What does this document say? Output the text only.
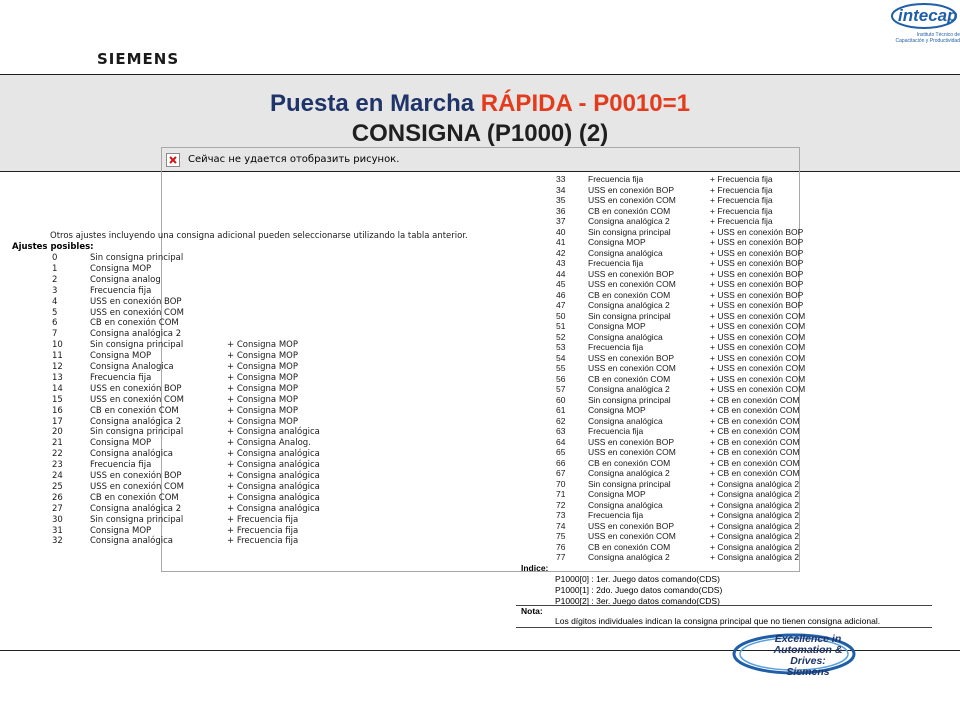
SIEMENS
intecap
Instituto Técnico de Capacitación y Productividad
Puesta en Marcha RÁPIDA - P0010=1
CONSIGNA (P1000) (2)
Сейчас не удается отобразить рисунок.
Otros ajustes incluyendo una consigna adicional pueden seleccionarse utilizando la tabla anterior.
Ajustes posibles:
0	Sin consigna principal
1	Consigna MOP
2	Consigna analog
3	Frecuencia fija
4	USS en conexión BOP
5	USS en conexión COM
6	CB en conexión COM
7	Consigna analógica 2
10	Sin consigna principal	+ Consigna MOP
11	Consigna MOP	+ Consigna MOP
12	Consigna Analogica	+ Consigna MOP
13	Frecuencia fija	+ Consigna MOP
14	USS en conexión BOP	+ Consigna MOP
15	USS en conexión COM	+ Consigna MOP
16	CB en conexión COM	+ Consigna MOP
17	Consigna analógica 2	+ Consigna MOP
20	Sin consigna principal	+ Consigna analógica
21	Consigna MOP	+ Consigna Analog.
22	Consigna analógica	+ Consigna analógica
23	Frecuencia fija	+ Consigna analógica
24	USS en conexión BOP	+ Consigna analógica
25	USS en conexión COM	+ Consigna analógica
26	CB en conexión COM	+ Consigna analógica
27	Consigna analógica 2	+ Consigna analógica
30	Sin consigna principal	+ Frecuencia fija
31	Consigna MOP	+ Frecuencia fija
32	Consigna analógica	+ Frecuencia fija
33	Frecuencia fija	+ Frecuencia fija
34	USS en conexión BOP	+ Frecuencia fija
35	USS en conexión COM	+ Frecuencia fija
36	CB en conexión COM	+ Frecuencia fija
37	Consigna analógica 2	+ Frecuencia fija
40	Sin consigna principal	+ USS en conexión BOP
41	Consigna MOP	+ USS en conexión BOP
42	Consigna analógica	+ USS en conexión BOP
43	Frecuencia fija	+ USS en conexión BOP
44	USS en conexión BOP	+ USS en conexión BOP
45	USS en conexión COM	+ USS en conexión BOP
46	CB en conexión COM	+ USS en conexión BOP
47	Consigna analógica 2	+ USS en conexión BOP
50	Sin consigna principal	+ USS en conexión COM
51	Consigna MOP	+ USS en conexión COM
52	Consigna analógica	+ USS en conexión COM
53	Frecuencia fija	+ USS en conexión COM
54	USS en conexión BOP	+ USS en conexión COM
55	USS en conexión COM	+ USS en conexión COM
56	CB en conexión COM	+ USS en conexión COM
57	Consigna analógica 2	+ USS en conexión COM
60	Sin consigna principal	+ CB en conexión COM
61	Consigna MOP	+ CB en conexión COM
62	Consigna analógica	+ CB en conexión COM
63	Frecuencia fija	+ CB en conexión COM
64	USS en conexión BOP	+ CB en conexión COM
65	USS en conexión COM	+ CB en conexión COM
66	CB en conexión COM	+ CB en conexión COM
67	Consigna analógica 2	+ CB en conexión COM
70	Sin consigna principal	+ Consigna analógica 2
71	Consigna MOP	+ Consigna analógica 2
72	Consigna analógica	+ Consigna analógica 2
73	Frecuencia fija	+ Consigna analógica 2
74	USS en conexión BOP	+ Consigna analógica 2
75	USS en conexión COM	+ Consigna analógica 2
76	CB en conexión COM	+ Consigna analógica 2
77	Consigna analógica 2	+ Consigna analógica 2
Indice:
P1000[0] : 1er. Juego datos comando(CDS)
P1000[1] : 2do. Juego datos comando(CDS)
P1000[2] : 3er. Juego datos comando(CDS)
Nota:
Los dígitos individuales indican la consigna principal que no tienen consigna adicional.
Excellence in
Automation & Drives:
Siemens
